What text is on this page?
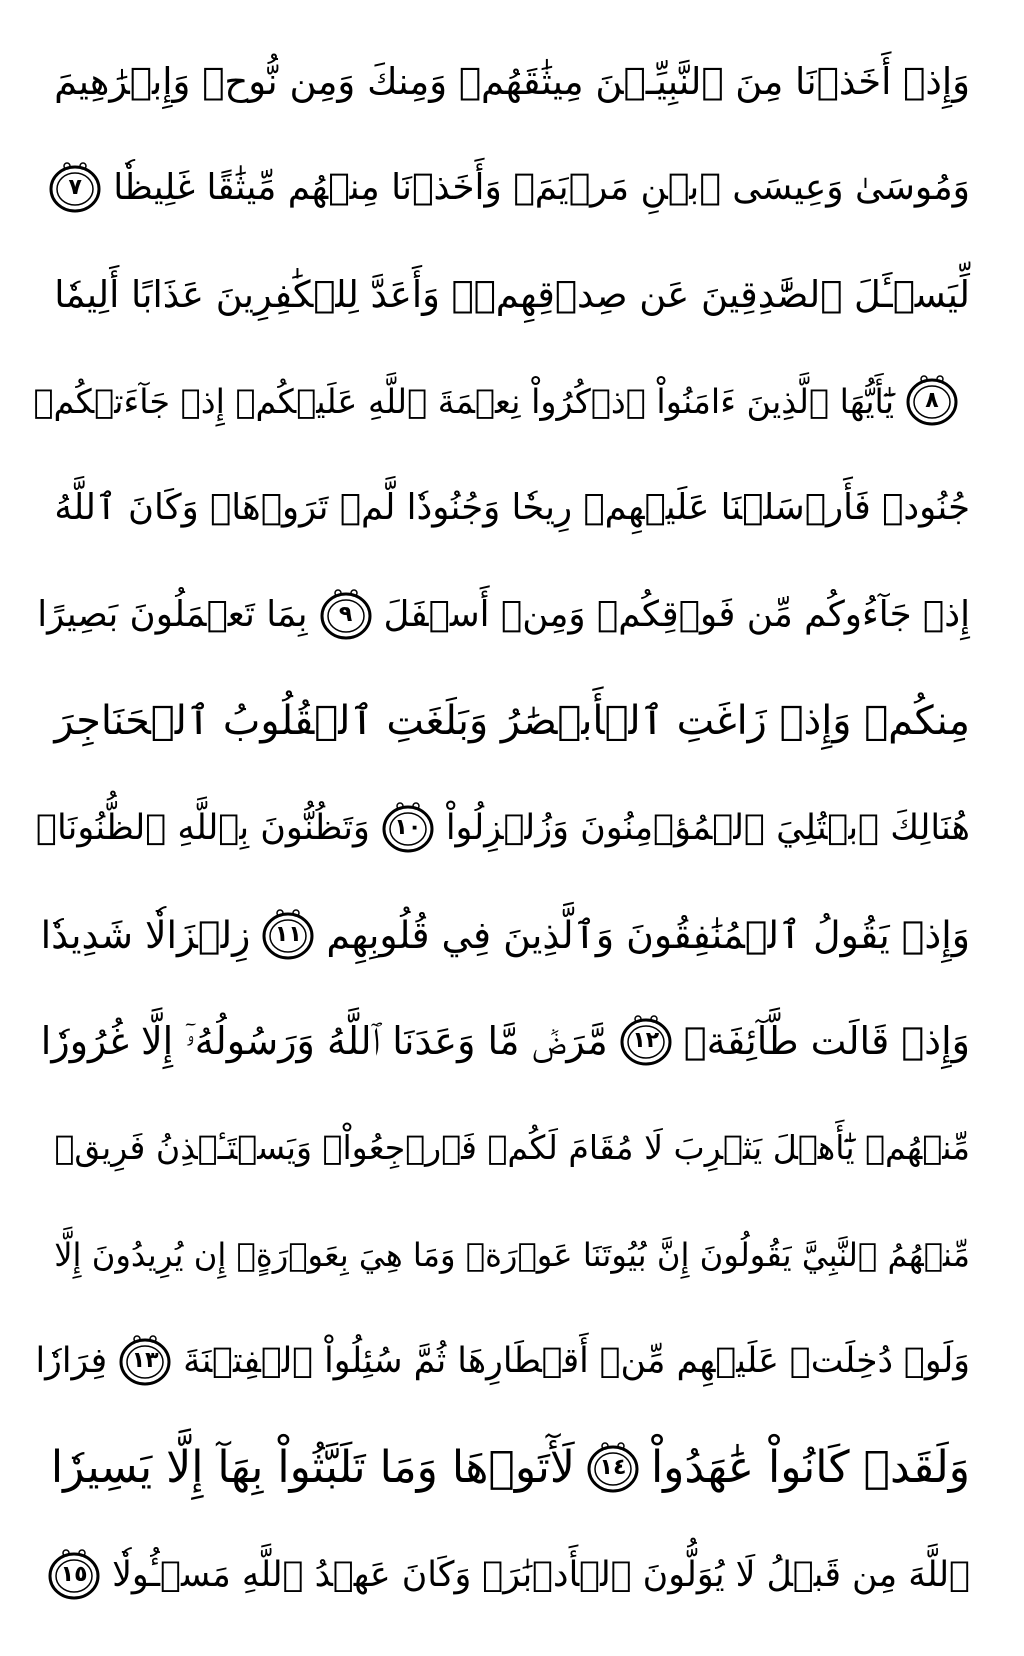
وَإِذۡ أَخَذۡنَا مِنَ ٱلنَّبِيِّـۧنَ مِيثَٰقَهُمۡ وَمِنكَ وَمِن نُّوحٖ وَإِبۡرَٰهِيمَ
وَمُوسَىٰ وَعِيسَى ٱبۡنِ مَرۡيَمَۖ وَأَخَذۡنَا مِنۡهُم مِّيثَٰقًا غَلِيظٗا
٧
لِّيَسۡـَٔلَ ٱلصَّٰدِقِينَ عَن صِدۡقِهِمۡۚ وَأَعَدَّ لِلۡكَٰفِرِينَ عَذَابًا أَلِيمٗا
٨
يَٰٓأَيُّهَا ٱلَّذِينَ ءَامَنُواْ ٱذۡكُرُواْ نِعۡمَةَ ٱللَّهِ عَلَيۡكُمۡ إِذۡ جَآءَتۡكُمۡ
جُنُودٞ فَأَرۡسَلۡنَا عَلَيۡهِمۡ رِيحٗا وَجُنُودٗا لَّمۡ تَرَوۡهَاۚ وَكَانَ ٱللَّهُ
إِذۡ جَآءُوكُم مِّن فَوۡقِكُمۡ وَمِنۡ أَسۡفَلَ
٩
بِمَا تَعۡمَلُونَ بَصِيرًا
مِنكُمۡ وَإِذۡ زَاغَتِ ٱلۡأَبۡصَٰرُ وَبَلَغَتِ ٱلۡقُلُوبُ ٱلۡحَنَاجِرَ
هُنَالِكَ ٱبۡتُلِيَ ٱلۡمُؤۡمِنُونَ وَزُلۡزِلُواْ
١٠
وَتَظُنُّونَ بِٱللَّهِ ٱلظُّنُونَا۠
وَإِذۡ يَقُولُ ٱلۡمُنَٰفِقُونَ وَٱلَّذِينَ فِي قُلُوبِهِم
١١
زِلۡزَالٗا شَدِيدٗا
وَإِذۡ قَالَت طَّآئِفَةٞ
١٢
مَّرَضٞ مَّا وَعَدَنَا ٱللَّهُ وَرَسُولُهُۥٓ إِلَّا غُرُورٗا
مِّنۡهُمۡ يَٰٓأَهۡلَ يَثۡرِبَ لَا مُقَامَ لَكُمۡ فَٱرۡجِعُواْۚ وَيَسۡتَـٔۡذِنُ فَرِيقٞ
مِّنۡهُمُ ٱلنَّبِيَّ يَقُولُونَ إِنَّ بُيُوتَنَا عَوۡرَةٞ وَمَا هِيَ بِعَوۡرَةٍۖ إِن يُرِيدُونَ إِلَّا
وَلَوۡ دُخِلَتۡ عَلَيۡهِم مِّنۡ أَقۡطَارِهَا ثُمَّ سُئِلُواْ ٱلۡفِتۡنَةَ
١٣
فِرَارٗا
وَلَقَدۡ كَانُواْ عَٰهَدُواْ
١٤
لَأٓتَوۡهَا وَمَا تَلَبَّثُواْ بِهَآ إِلَّا يَسِيرٗا
ٱللَّهَ مِن قَبۡلُ لَا يُوَلُّونَ ٱلۡأَدۡبَٰرَۚ وَكَانَ عَهۡدُ ٱللَّهِ مَسۡـُٔولٗا
١٥
